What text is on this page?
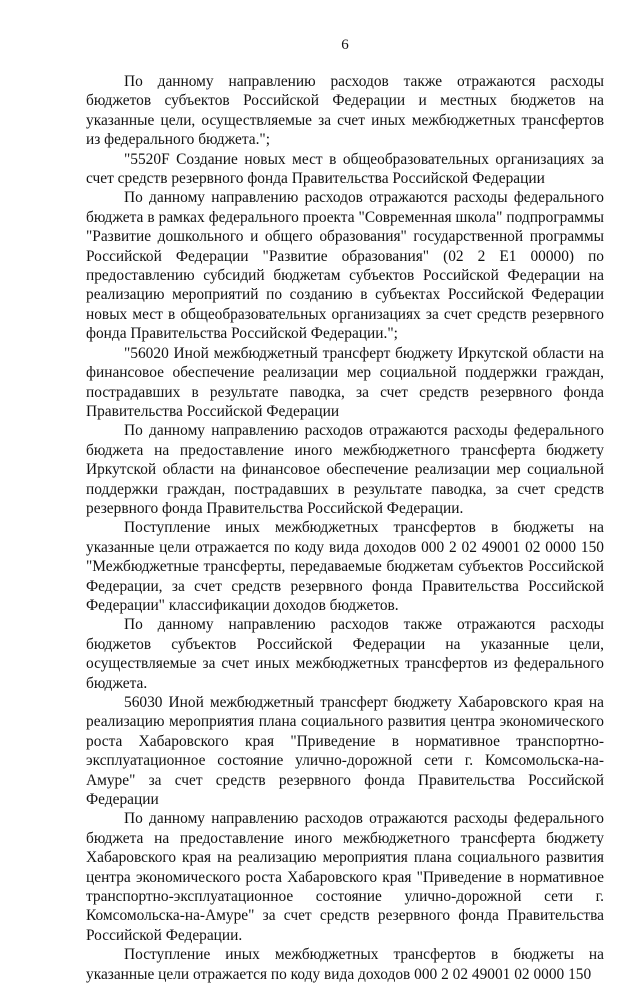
6

По данному направлению расходов также отражаются расходы бюджетов субъектов Российской Федерации и местных бюджетов на указанные цели, осуществляемые за счет иных межбюджетных трансфертов из федерального бюджета.";

"5520F Создание новых мест в общеобразовательных организациях за счет средств резервного фонда Правительства Российской Федерации

По данному направлению расходов отражаются расходы федерального бюджета в рамках федерального проекта "Современная школа" подпрограммы "Развитие дошкольного и общего образования" государственной программы Российской Федерации "Развитие образования" (02 2 E1 00000) по предоставлению субсидий бюджетам субъектов Российской Федерации на реализацию мероприятий по созданию в субъектах Российской Федерации новых мест в общеобразовательных организациях за счет средств резервного фонда Правительства Российской Федерации.";

"56020 Иной межбюджетный трансферт бюджету Иркутской области на финансовое обеспечение реализации мер социальной поддержки граждан, пострадавших в результате паводка, за счет средств резервного фонда Правительства Российской Федерации

По данному направлению расходов отражаются расходы федерального бюджета на предоставление иного межбюджетного трансферта бюджету Иркутской области на финансовое обеспечение реализации мер социальной поддержки граждан, пострадавших в результате паводка, за счет средств резервного фонда Правительства Российской Федерации.

Поступление иных межбюджетных трансфертов в бюджеты на указанные цели отражается по коду вида доходов 000 2 02 49001 02 0000 150 "Межбюджетные трансферты, передаваемые бюджетам субъектов Российской Федерации, за счет средств резервного фонда Правительства Российской Федерации" классификации доходов бюджетов.

По данному направлению расходов также отражаются расходы бюджетов субъектов Российской Федерации на указанные цели, осуществляемые за счет иных межбюджетных трансфертов из федерального бюджета.

56030 Иной межбюджетный трансферт бюджету Хабаровского края на реализацию мероприятия плана социального развития центра экономического роста Хабаровского края "Приведение в нормативное транспортно-эксплуатационное состояние улично-дорожной сети г. Комсомольска-на-Амуре" за счет средств резервного фонда Правительства Российской Федерации

По данному направлению расходов отражаются расходы федерального бюджета на предоставление иного межбюджетного трансферта бюджету Хабаровского края на реализацию мероприятия плана социального развития центра экономического роста Хабаровского края "Приведение в нормативное транспортно-эксплуатационное состояние улично-дорожной сети г. Комсомольска-на-Амуре" за счет средств резервного фонда Правительства Российской Федерации.

Поступление иных межбюджетных трансфертов в бюджеты на указанные цели отражается по коду вида доходов 000 2 02 49001 02 0000 150
